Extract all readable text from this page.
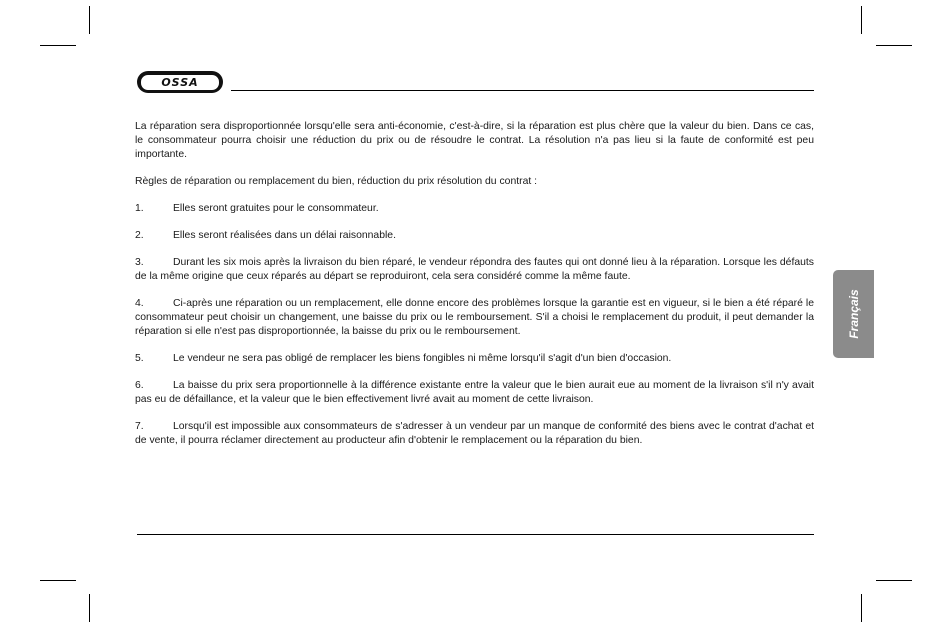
OSSA

La réparation sera disproportionnée lorsqu'elle sera anti-économie, c'est-à-dire, si la réparation est plus chère que la valeur du bien. Dans ce cas, le consommateur pourra choisir une réduction du prix ou de résoudre le contrat. La résolution n'a pas lieu si la faute de conformité est peu importante.

Règles de réparation ou remplacement du bien, réduction du prix résolution du contrat :

1.	Elles seront gratuites pour le consommateur.

2.	Elles seront réalisées dans un délai raisonnable.

3.	Durant les six mois après la livraison du bien réparé, le vendeur répondra des fautes qui ont donné lieu à la réparation. Lorsque les défauts de la même origine que ceux réparés au départ se reproduiront, cela sera considéré comme la même faute.

4.	Ci-après une réparation ou un remplacement, elle donne encore des problèmes lorsque la garantie est en vigueur, si le bien a été réparé le consommateur peut choisir un changement, une baisse du prix ou le remboursement. S'il a choisi le remplacement du produit, il peut demander la réparation si elle n'est pas disproportionnée, la baisse du prix ou le remboursement.

5.	Le vendeur ne sera pas obligé de remplacer les biens fongibles ni même lorsqu'il s'agit d'un bien d'occasion.

6.	La baisse du prix sera proportionnelle à la différence existante entre la valeur que le bien aurait eue au moment de la livraison s'il n'y avait pas eu de défaillance, et la valeur que le bien effectivement livré avait au moment de cette livraison.

7.	Lorsqu'il est impossible aux consommateurs de s'adresser à un vendeur par un manque de conformité des biens avec le contrat d'achat et de vente, il pourra réclamer directement au producteur afin d'obtenir le remplacement ou la réparation du bien.

Français
